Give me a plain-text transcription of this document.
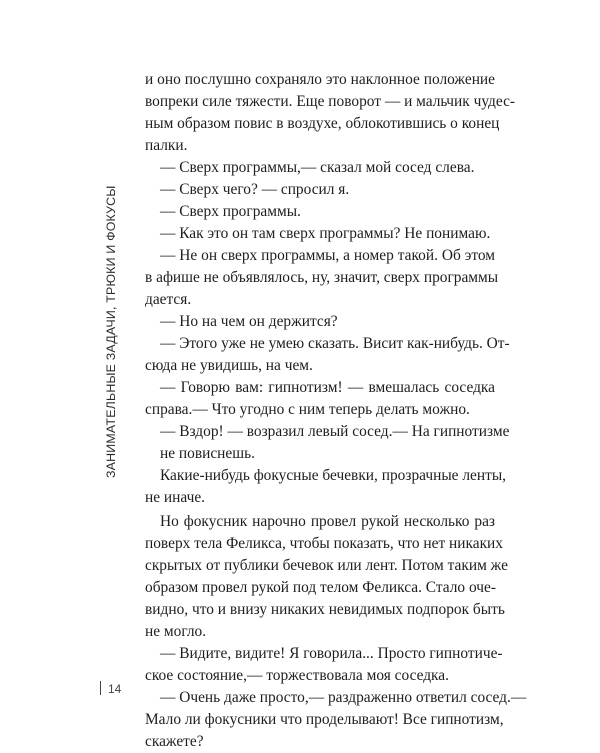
ЗАНИМАТЕЛЬНЫЕ ЗАДАЧИ, ТРЮКИ И ФОКУСЫ
14
и оно послушно сохраняло это наклонное положение
вопреки силе тяжести. Еще поворот — и мальчик чудес-
ным образом повис в воздухе, облокотившись о конец
палки.
— Сверх программы,— сказал мой сосед слева.
— Сверх чего? — спросил я.
— Сверх программы.
— Как это он там сверх программы? Не понимаю.
— Не он сверх программы, а номер такой. Об этом
в афише не объявлялось, ну, значит, сверх программы
дается.
— Но на чем он держится?
— Этого уже не умею сказать. Висит как-нибудь. От-
сюда не увидишь, на чем.
— Говорю вам: гипнотизм! — вмешалась соседка
справа.— Что угодно с ним теперь делать можно.
— Вздор! — возразил левый сосед.— На гипнотизме
не повиснешь.
Какие-нибудь фокусные бечевки, прозрачные ленты,
не иначе.
Но фокусник нарочно провел рукой несколько раз
поверх тела Феликса, чтобы показать, что нет никаких
скрытых от публики бечевок или лент. Потом таким же
образом провел рукой под телом Феликса. Стало оче-
видно, что и внизу никаких невидимых подпорок быть
не могло.
— Видите, видите! Я говорила... Просто гипнотиче-
ское состояние,— торжествовала моя соседка.
— Очень даже просто,— раздраженно ответил сосед.—
Мало ли фокусники что проделывают! Все гипнотизм,
скажете?
